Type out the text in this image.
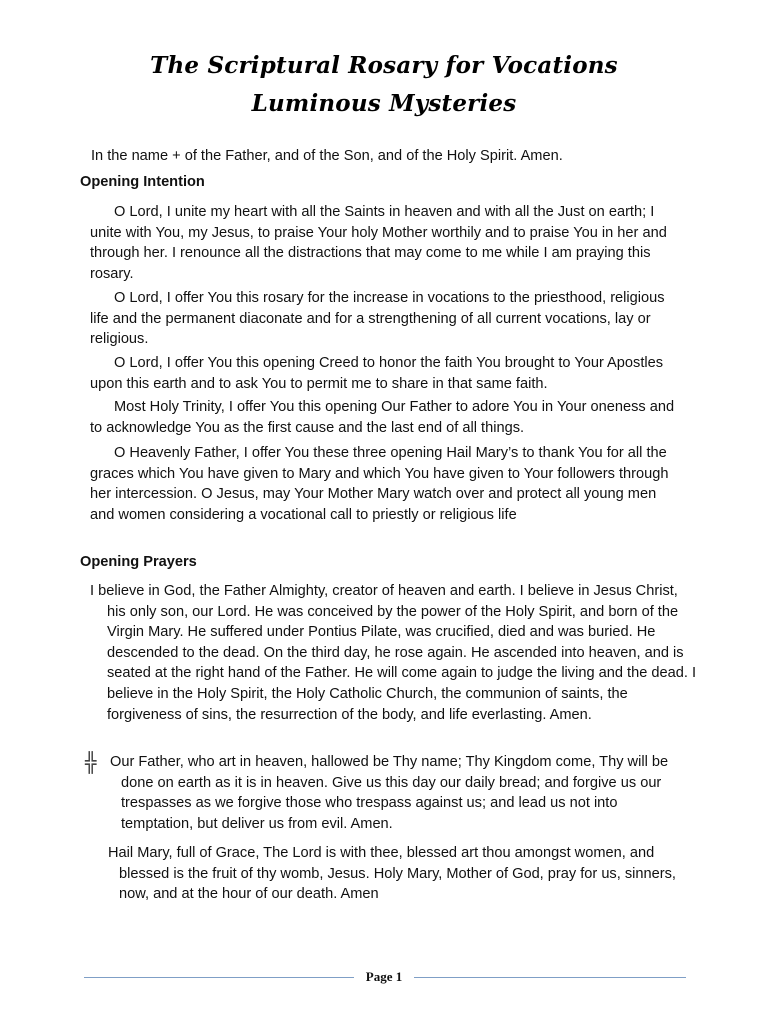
The Scriptural Rosary for Vocations
Luminous Mysteries

In the name + of the Father, and of the Son, and of the Holy Spirit. Amen.

Opening Intention

O Lord, I unite my heart with all the Saints in heaven and with all the Just on earth; I unite with You, my Jesus, to praise Your holy Mother worthily and to praise You in her and through her. I renounce all the distractions that may come to me while I am praying this rosary.

O Lord, I offer You this rosary for the increase in vocations to the priesthood, religious life and the permanent diaconate and for a strengthening of all current vocations, lay or religious.

O Lord, I offer You this opening Creed to honor the faith You brought to Your Apostles upon this earth and to ask You to permit me to share in that same faith.

Most Holy Trinity, I offer You this opening Our Father to adore You in Your oneness and to acknowledge You as the first cause and the last end of all things.

O Heavenly Father, I offer You these three opening Hail Mary’s to thank You for all the graces which You have given to Mary and which You have given to Your followers through her intercession. O Jesus, may Your Mother Mary watch over and protect all young men and women considering a vocational call to priestly or religious life

Opening Prayers

I believe in God, the Father Almighty, creator of heaven and earth. I believe in Jesus Christ, his only son, our Lord. He was conceived by the power of the Holy Spirit, and born of the Virgin Mary. He suffered under Pontius Pilate, was crucified, died and was buried. He descended to the dead. On the third day, he rose again. He ascended into heaven, and is seated at the right hand of the Father. He will come again to judge the living and the dead. I believe in the Holy Spirit, the Holy Catholic Church, the communion of saints, the forgiveness of sins, the resurrection of the body, and life everlasting. Amen.

╬ Our Father, who art in heaven, hallowed be Thy name; Thy Kingdom come, Thy will be done on earth as it is in heaven. Give us this day our daily bread; and forgive us our trespasses as we forgive those who trespass against us; and lead us not into temptation, but deliver us from evil. Amen.

Hail Mary, full of Grace, The Lord is with thee, blessed art thou amongst women, and blessed is the fruit of thy womb, Jesus. Holy Mary, Mother of God, pray for us, sinners, now, and at the hour of our death. Amen

Page 1
